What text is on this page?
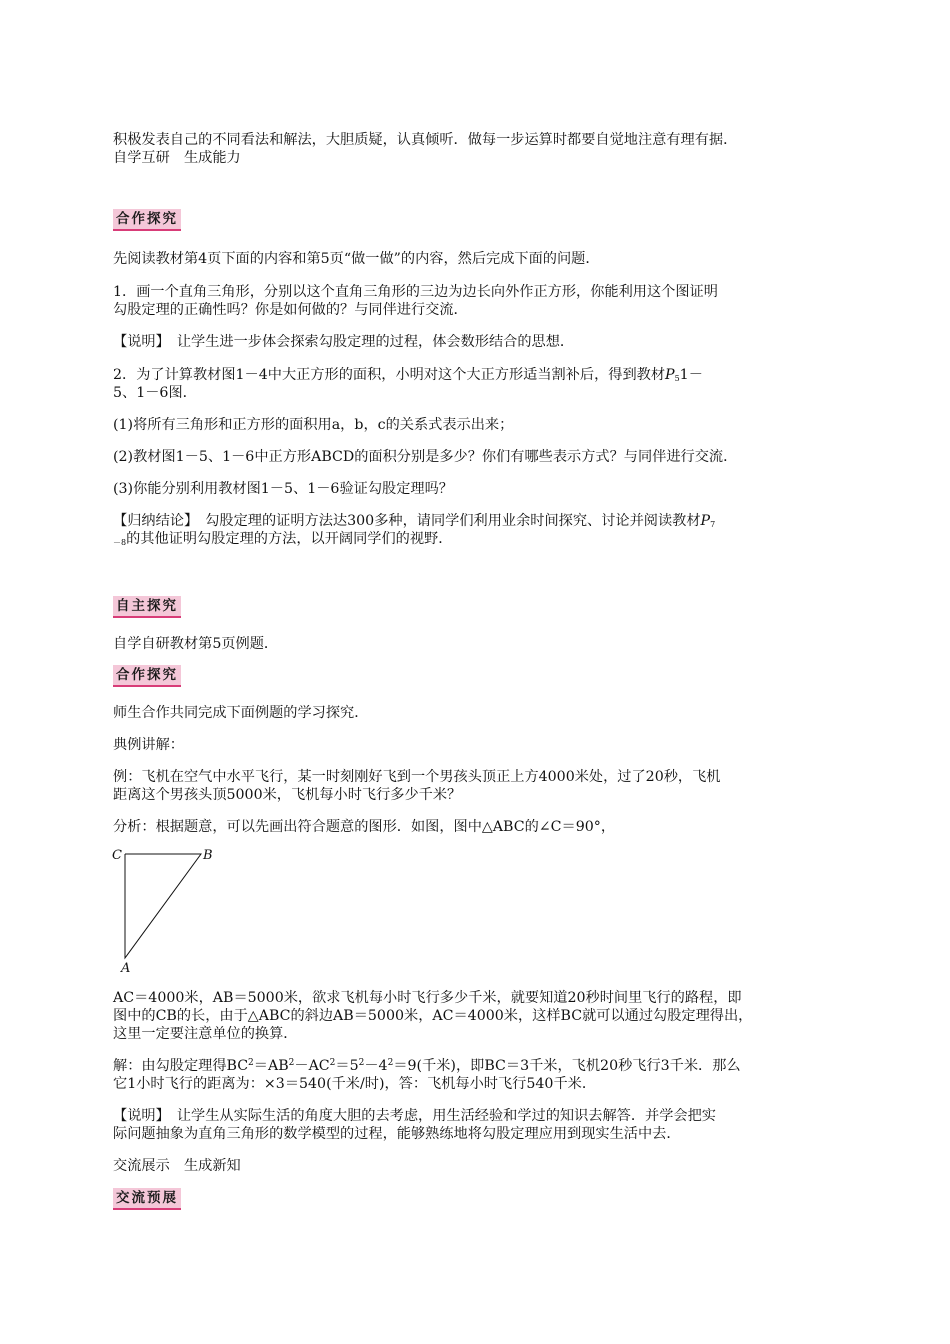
积极发表自己的不同看法和解法，大胆质疑，认真倾听．做每一步运算时都要自觉地注意有理有据．
自学互研　生成能力
合作探究
先阅读教材第4页下面的内容和第5页“做一做”的内容，然后完成下面的问题．
1．画一个直角三角形，分别以这个直角三角形的三边为边长向外作正方形，你能利用这个图证明
勾股定理的正确性吗？你是如何做的？与同伴进行交流．
【说明】　 让学生进一步体会探索勾股定理的过程，体会数形结合的思想．
2．为了计算教材图1－4中大正方形的面积，小明对这个大正方形适当割补后，得到教材$P_51-$
5、1－6图．
(1)将所有三角形和正方形的面积用a，b，c的关系式表示出来；
(2)教材图1－5、1－6中正方形ABCD的面积分别是多少？你们有哪些表示方式？与同伴进行交流．
(3)你能分别利用教材图1－5、1－6验证勾股定理吗？
【归纳结论】　 勾股定理的证明方法达300多种，请同学们利用业余时间探究、讨论并阅读教材$P_7$
$_{-8}$的其他证明勾股定理的方法，以开阔同学们的视野．
自主探究
自学自研教材第5页例题．
合作探究
师生合作共同完成下面例题的学习探究．
典例讲解：
例：飞机在空气中水平飞行，某一时刻刚好飞到一个男孩头顶正上方4000米处，过了20秒，飞机
距离这个男孩头顶5000米，飞机每小时飞行多少千米？
分析：根据题意，可以先画出符合题意的图形．如图，图中△ABC的∠C＝90°，
C	B
A
AC＝4000米，AB＝5000米，欲求飞机每小时飞行多少千米，就要知道20秒时间里飞行的路程，即
图中的CB的长，由于△ABC的斜边AB＝5000米，AC＝4000米，这样BC就可以通过勾股定理得出，
这里一定要注意单位的换算．
解：由勾股定理得$BC^2=AB^2-AC^2=5^2-4^2=9$(千米)，即BC＝3千米，飞机20秒飞行3千米．那么
它1小时飞行的距离为：×3＝540(千米/时)，答：飞机每小时飞行540千米．
【说明】　 让学生从实际生活的角度大胆的去考虑，用生活经验和学过的知识去解答．并学会把实
际问题抽象为直角三角形的数学模型的过程，能够熟练地将勾股定理应用到现实生活中去．
交流展示　生成新知
交流预展
